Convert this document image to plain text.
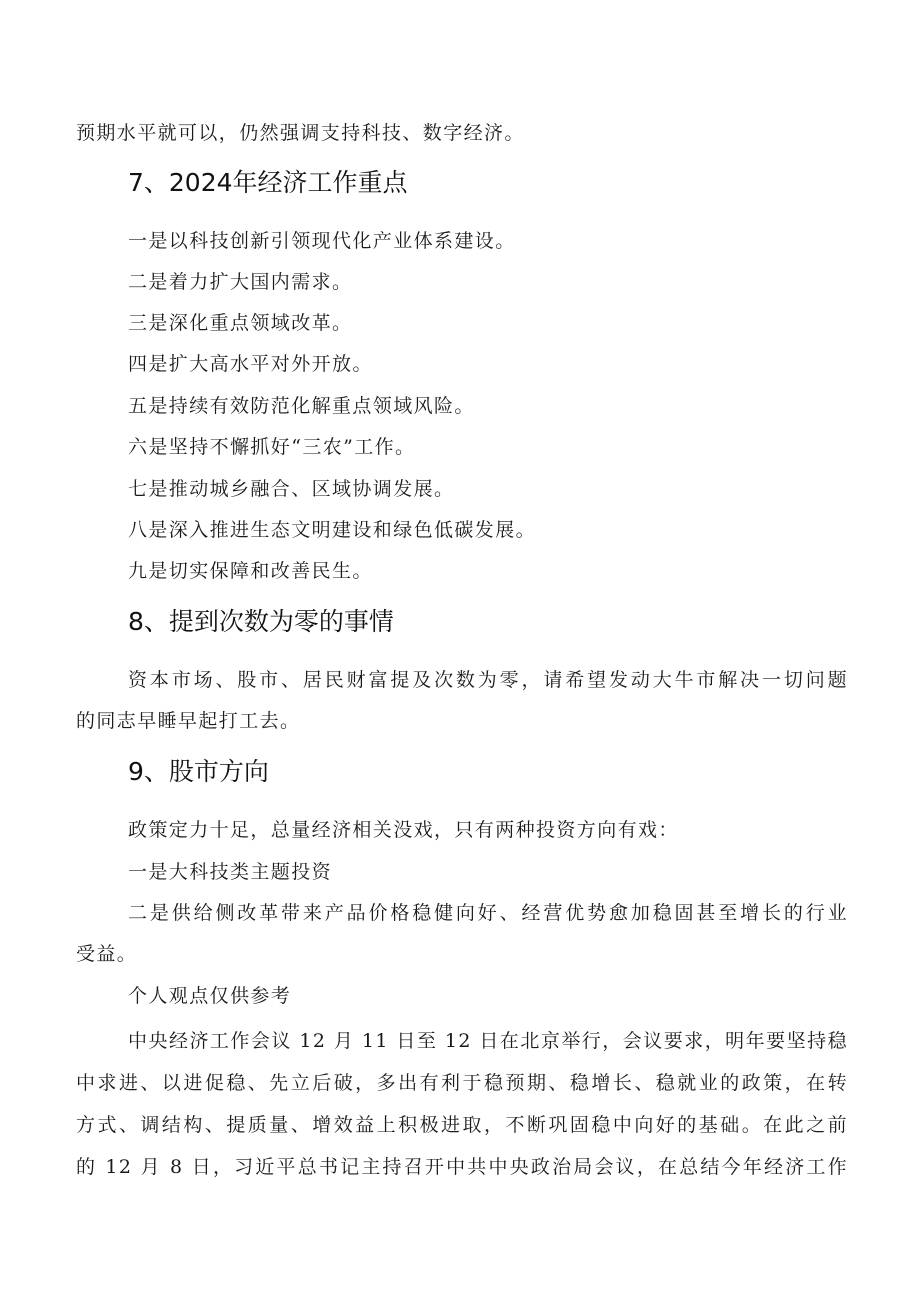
预期水平就可以，仍然强调支持科技、数字经济。
7、2024年经济工作重点
一是以科技创新引领现代化产业体系建设。
二是着力扩大国内需求。
三是深化重点领域改革。
四是扩大高水平对外开放。
五是持续有效防范化解重点领域风险。
六是坚持不懈抓好“三农”工作。
七是推动城乡融合、区域协调发展。
八是深入推进生态文明建设和绿色低碳发展。
九是切实保障和改善民生。
8、提到次数为零的事情
资本市场、股市、居民财富提及次数为零，请希望发动大牛市解决一切问题
的同志早睡早起打工去。
9、股市方向
政策定力十足，总量经济相关没戏，只有两种投资方向有戏：
一是大科技类主题投资
二是供给侧改革带来产品价格稳健向好、经营优势愈加稳固甚至增长的行业
受益。
个人观点仅供参考
中央经济工作会议 12 月 11 日至 12 日在北京举行，会议要求，明年要坚持稳
中求进、以进促稳、先立后破，多出有利于稳预期、稳增长、稳就业的政策，在转
方式、调结构、提质量、增效益上积极进取，不断巩固稳中向好的基础。在此之前
的 12 月 8 日，习近平总书记主持召开中共中央政治局会议，在总结今年经济工作
